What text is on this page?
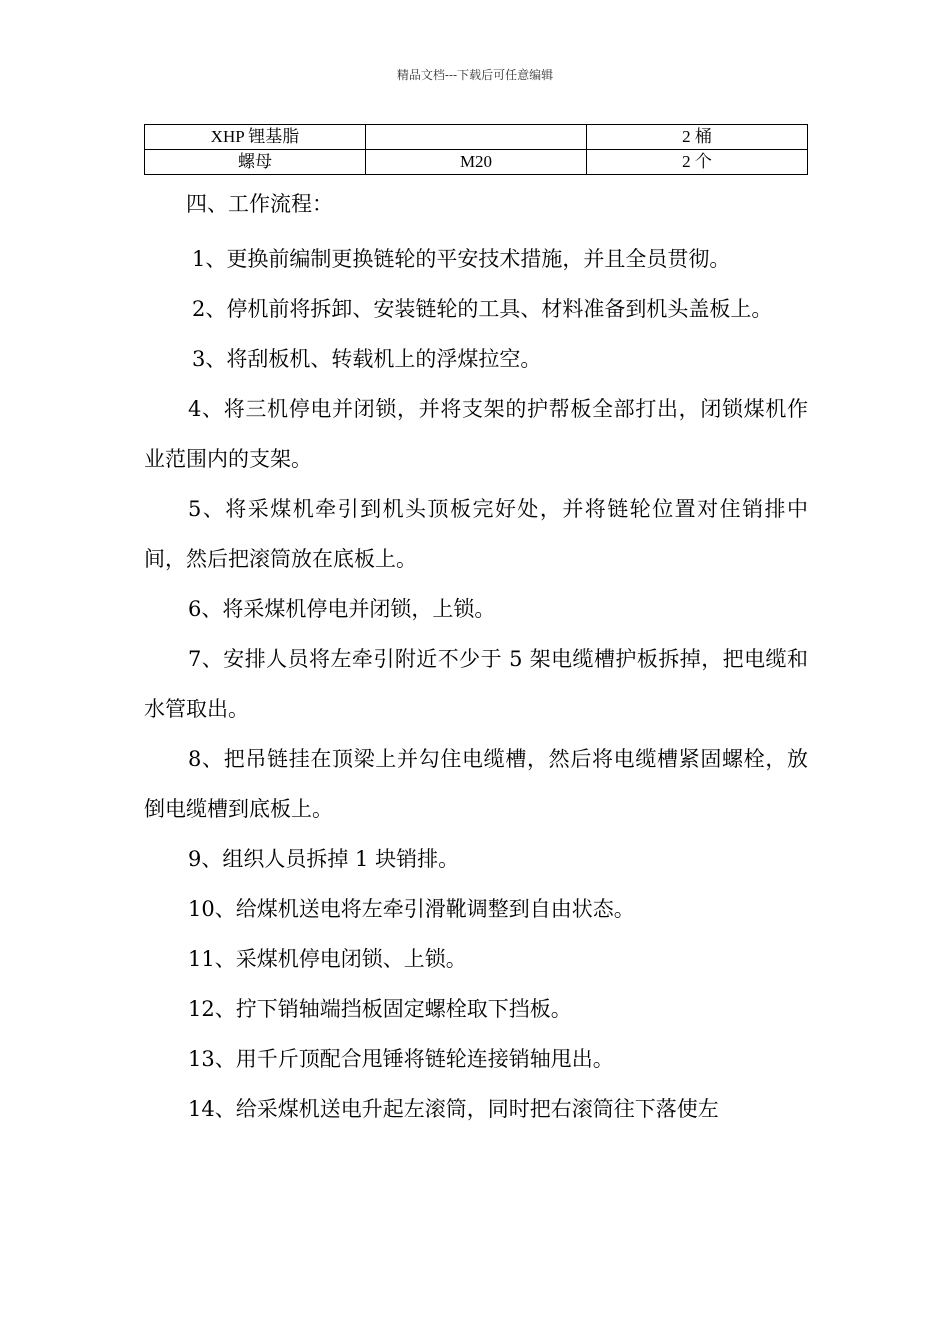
精品文档---下载后可任意编辑
XHP 锂基脂		2 桶
螺母	M20	2 个
四、工作流程：

1、更换前编制更换链轮的平安技术措施，并且全员贯彻。

2、停机前将拆卸、安装链轮的工具、材料准备到机头盖板上。

3、将刮板机、转载机上的浮煤拉空。

4、将三机停电并闭锁，并将支架的护帮板全部打出，闭锁煤机作业范围内的支架。

5、将采煤机牵引到机头顶板完好处，并将链轮位置对住销排中间，然后把滚筒放在底板上。

6、将采煤机停电并闭锁，上锁。

7、安排人员将左牵引附近不少于 5 架电缆槽护板拆掉，把电缆和水管取出。

8、把吊链挂在顶梁上并勾住电缆槽，然后将电缆槽紧固螺栓，放倒电缆槽到底板上。

9、组织人员拆掉 1 块销排。

10、给煤机送电将左牵引滑靴调整到自由状态。

11、采煤机停电闭锁、上锁。

12、拧下销轴端挡板固定螺栓取下挡板。

13、用千斤顶配合甩锤将链轮连接销轴甩出。

14、给采煤机送电升起左滚筒，同时把右滚筒往下落使左
